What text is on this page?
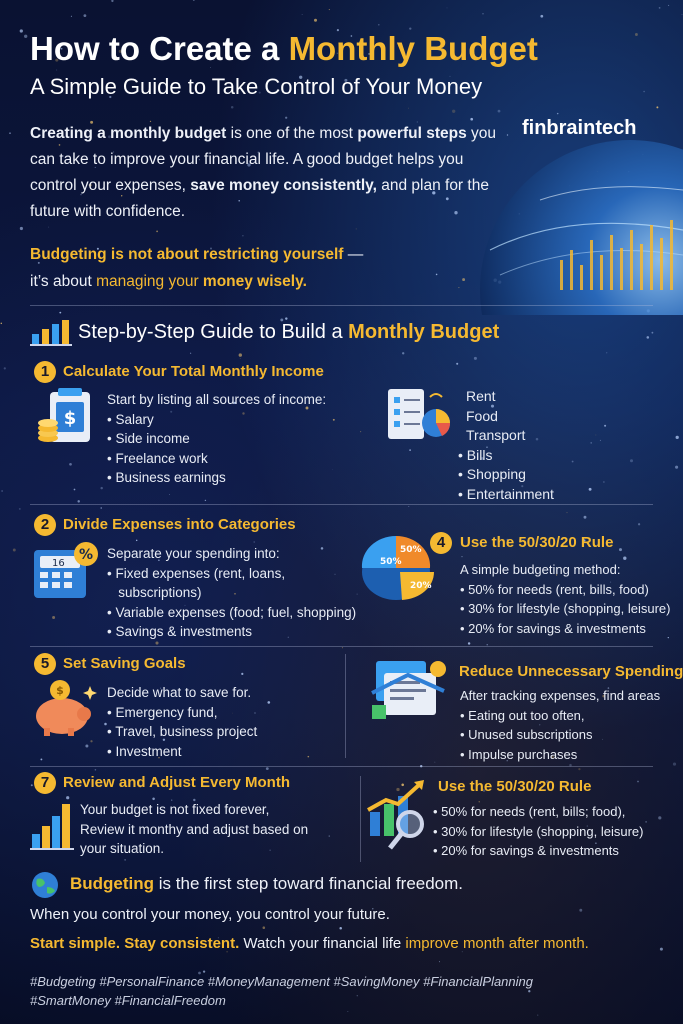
How to Create a Monthly Budget
A Simple Guide to Take Control of Your Money
finbraintech
Creating a monthly budget is one of the most powerful steps you can take to improve your financial life. A good budget helps you control your expenses, save money consistently, and plan for the future with confidence.
Budgeting is not about restricting yourself —
it’s about managing your money wisely.
Step-by-Step Guide to Build a Monthly Budget
1 Calculate Your Total Monthly Income
$
Start by listing all sources of income:
• Salary
• Side income
• Freelance work
• Business earnings
Rent
Food
Transport
• Bills
• Shopping
• Entertainment
2 Divide Expenses into Categories
16
% Separate your spending into:
• Fixed expenses (rent, loans,
subscriptions)
• Variable expenses (food; fuel, shopping)
• Savings & investments
50%
50%
20%
4 Use the 50/30/20 Rule
A simple budgeting method:
• 50% for needs (rent, bills, food)
• 30% for lifestyle (shopping, leisure)
• 20% for savings & investments
5 Set Saving Goals
$	Decide what to save for.
• Emergency fund,
• Travel, business project
• Investment
Reduce Unnecessary Spending
After tracking expenses, find areas
• Eating out too often,
• Unused subscriptions
• Impulse purchases
7 Review and Adjust Every Month
Your budget is not fixed forever,
Review it monthy and adjust based on
your situation.
Use the 50/30/20 Rule
• 50% for needs (rent, bills; food),
• 30% for lifestyle (shopping, leisure)
• 20% for savings & investments
Budgeting is the first step toward financial freedom.
When you control your money, you control your future.
Start simple. Stay consistent. Watch your financial life improve month after month.
#Budgeting #PersonalFinance #MoneyManagement #SavingMoney #FinancialPlanning
#SmartMoney #FinancialFreedom
